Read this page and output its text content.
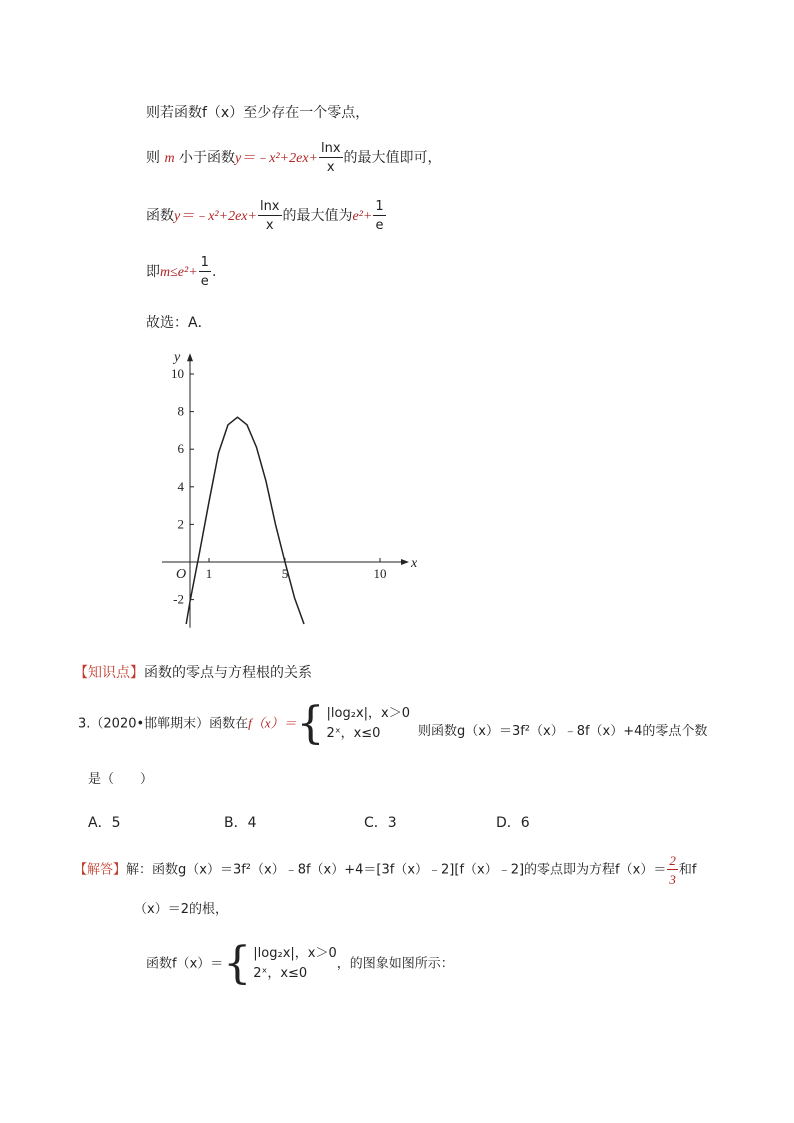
则若函数f（x）至少存在一个零点，
则 m 小于函数y＝﹣x²+2ex+ $\frac{\ln x}{x}$ 的最大值即可，
函数y＝﹣x²+2ex+ $\frac{\ln x}{x}$ 的最大值为$e^2+ \frac{1}{e}$
即$m\le e^2+ \frac{1}{e}$ .
故选：A．
1	5	10
-2
2
4
6
8
10
O
x
y
【知识点】函数的零点与方程根的关系
3.（2020•邯郸期末）函数在f（x）＝{ |log₂x|，x＞0
2ˣ，x≤0	则函数g（x）＝3f²（x）﹣8f（x）+4的零点个数
是（　　）
A．5	B．4	C．3	D．6
【解答】解：函数g（x）＝3f²（x）﹣8f（x）+4＝[3f（x）﹣2][f（x）﹣2]的零点即为方程$f(x)= \frac{2}{3}$ 和f
（x）＝2的根，
函数f（x）＝{ |log₂x|，x＞0
2ˣ，x≤0
，的图象如图所示：
